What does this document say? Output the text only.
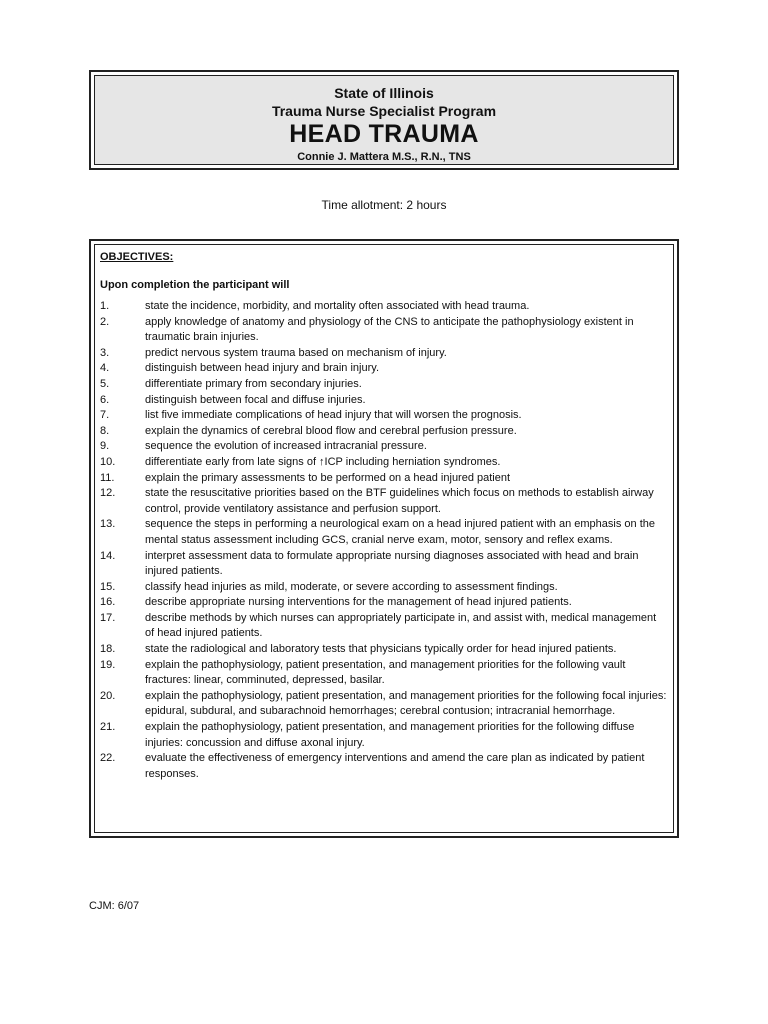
State of Illinois
Trauma Nurse Specialist Program
HEAD TRAUMA
Connie J. Mattera M.S., R.N., TNS
Time allotment: 2 hours
OBJECTIVES:
Upon completion the participant will
1.	state the incidence, morbidity, and mortality often associated with head trauma.
2.	apply knowledge of anatomy and physiology of the CNS to anticipate the pathophysiology existent in traumatic brain injuries.
3.	predict nervous system trauma based on mechanism of injury.
4.	distinguish between head injury and brain injury.
5.	differentiate primary from secondary injuries.
6.	distinguish between focal and diffuse injuries.
7.	list five immediate complications of head injury that will worsen the prognosis.
8.	explain the dynamics of cerebral blood flow and cerebral perfusion pressure.
9.	sequence the evolution of increased intracranial pressure.
10.	differentiate early from late signs of ↑ICP including herniation syndromes.
11.	explain the primary assessments to be performed on a head injured patient
12.	state the resuscitative priorities based on the BTF guidelines which focus on methods to establish airway control, provide ventilatory assistance and perfusion support.
13.	sequence the steps in performing a neurological exam on a head injured patient with an emphasis on the mental status assessment including GCS, cranial nerve exam, motor, sensory and reflex exams.
14.	interpret assessment data to formulate appropriate nursing diagnoses associated with head and brain injured patients.
15.	classify head injuries as mild, moderate, or severe according to assessment findings.
16.	describe appropriate nursing interventions for the management of head injured patients.
17.	describe methods by which nurses can appropriately participate in, and assist with, medical management of head injured patients.
18.	state the radiological and laboratory tests that physicians typically order for head injured patients.
19.	explain the pathophysiology, patient presentation, and management priorities for the following vault fractures: linear, comminuted, depressed, basilar.
20.	explain the pathophysiology, patient presentation, and management priorities for the following focal injuries: epidural, subdural, and subarachnoid hemorrhages; cerebral contusion; intracranial hemorrhage.
21.	explain the pathophysiology, patient presentation, and management priorities for the following diffuse injuries: concussion and diffuse axonal injury.
22.	evaluate the effectiveness of emergency interventions and amend the care plan as indicated by patient responses.
CJM: 6/07
